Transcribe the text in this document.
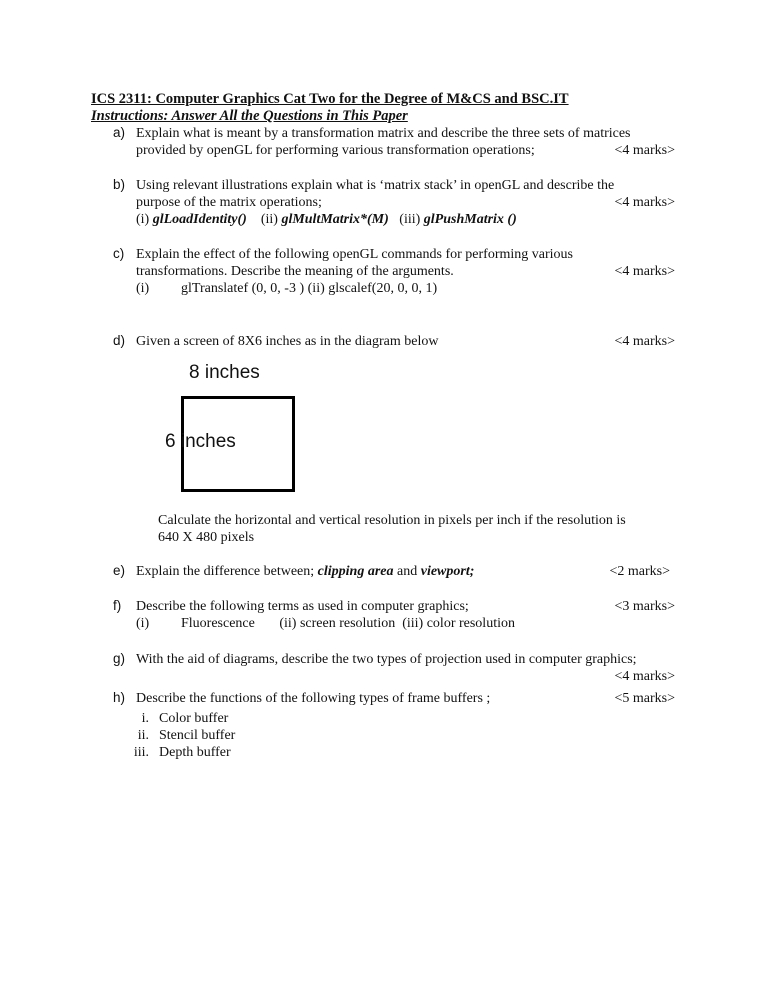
ICS 2311: Computer Graphics Cat Two for the Degree of M&CS and BSC.IT
Instructions: Answer All the Questions in This Paper
a) Explain what is meant by a transformation matrix and describe the three sets of matrices
provided by openGL for performing various transformation operations;	<4 marks>
b) Using relevant illustrations explain what is ‘matrix stack’ in openGL and describe the
purpose of the matrix operations;	<4 marks>
(i) glLoadIdentity() (ii) glMultMatrix*(M) (iii) glPushMatrix ()
c) Explain the effect of the following openGL commands for performing various
transformations. Describe the meaning of the arguments.	<4 marks>
(i) glTranslatef (0, 0, -3 ) (ii) glscalef(20, 0, 0, 1)
d) Given a screen of 8X6 inches as in the diagram below	<4 marks>
8 inches
6 inches
Calculate the horizontal and vertical resolution in pixels per inch if the resolution is
640 X 480 pixels
e) Explain the difference between; clipping area and viewport;	<2 marks>
f) Describe the following terms as used in computer graphics;	<3 marks>
(i) Fluorescence (ii) screen resolution (iii) color resolution
g) With the aid of diagrams, describe the two types of projection used in computer graphics;
<4 marks>
h) Describe the functions of the following types of frame buffers ;	<5 marks>
i. Color buffer
ii. Stencil buffer
iii. Depth buffer
